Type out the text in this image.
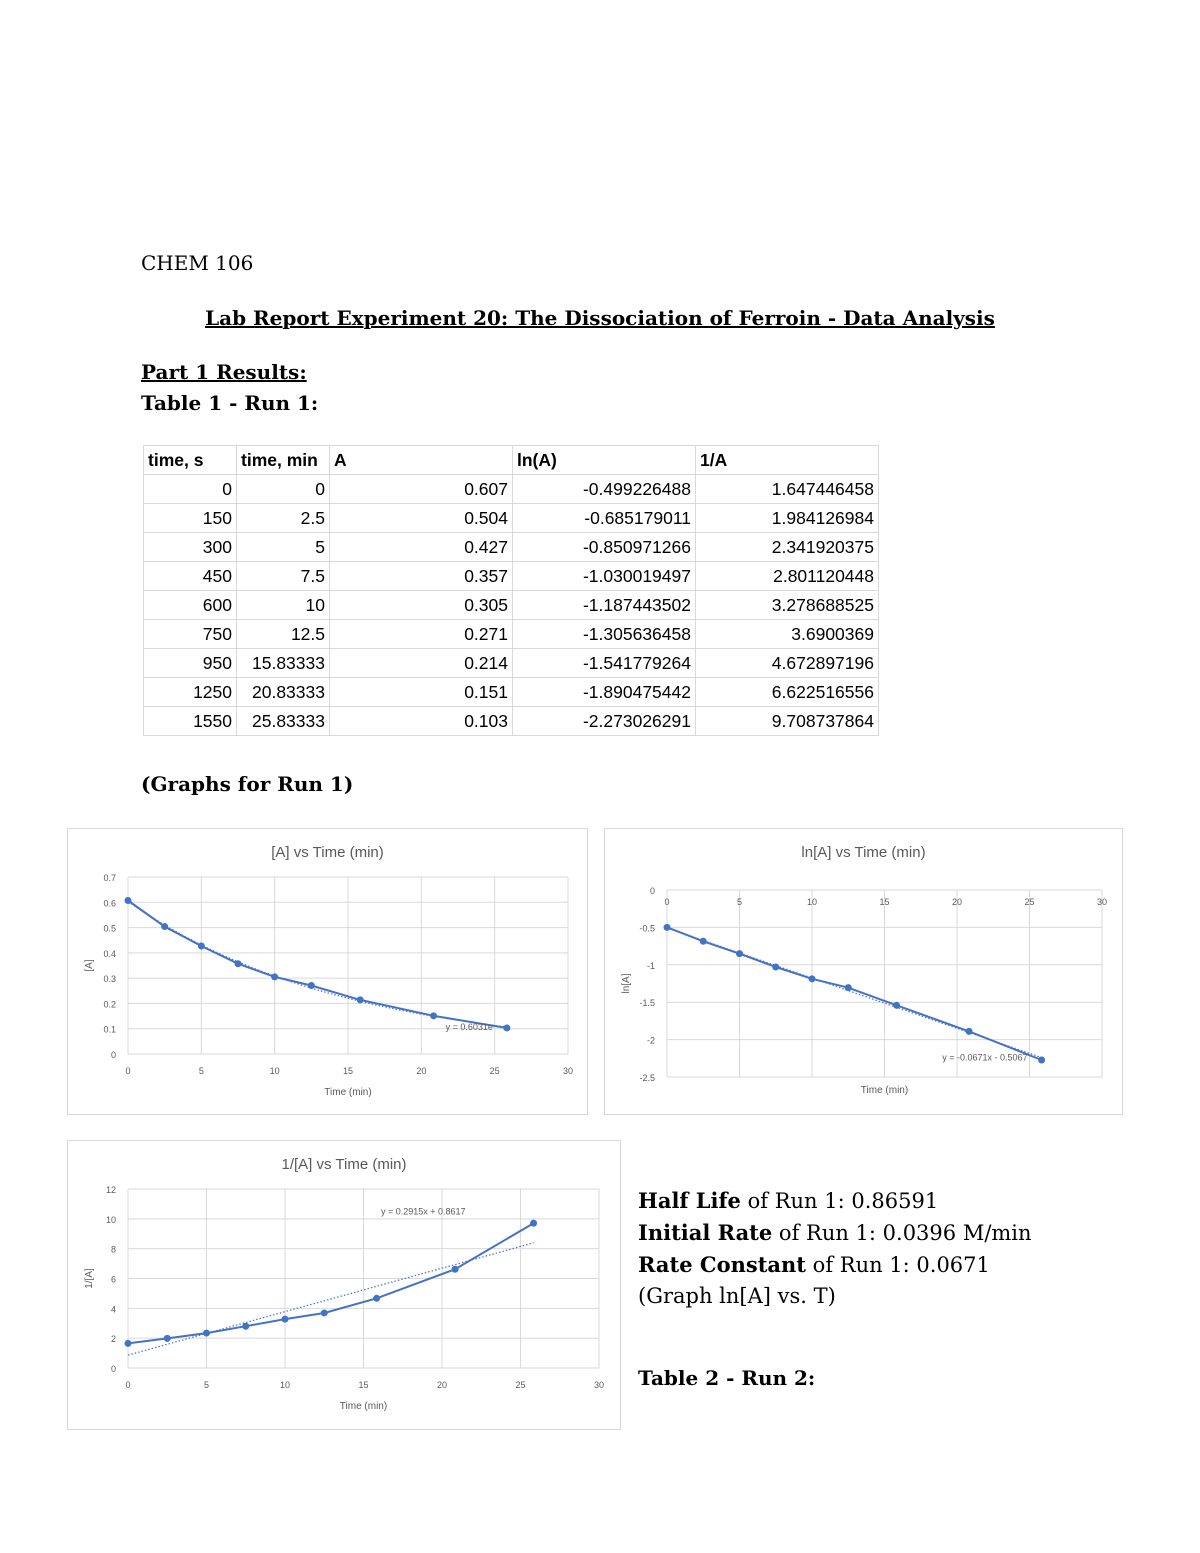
CHEM 106
Lab Report Experiment 20: The Dissociation of Ferroin - Data Analysis
Part 1 Results:
Table 1 - Run 1:
time, s	time, min	A	ln(A)	1/A
0	0	0.607	-0.499226488	1.647446458
150	2.5	0.504	-0.685179011	1.984126984
300	5	0.427	-0.850971266	2.341920375
450	7.5	0.357	-1.030019497	2.801120448
600	10	0.305	-1.187443502	3.278688525
750	12.5	0.271	-1.305636458	3.6900369
950	15.83333	0.214	-1.541779264	4.672897196
1250	20.83333	0.151	-1.890475442	6.622516556
1550	25.83333	0.103	-2.273026291	9.708737864
(Graphs for Run 1)
[A] vs Time (min)
0
0.1
0.2
0.3
0.4
0.5
0.6
0.7
0	5	10	15	20	25	30
Time (min)
[A]
y = 0.6031e
ln[A] vs Time (min)
0
-0.5
-1
-1.5
-2
-2.5
0	5	10	15	20	25	30
Time (min)
ln[A]
y = -0.0671x - 0.5067
1/[A] vs Time (min)
0
2
4
6
8
10
12
0	5	10	15	20	25	30
Time (min)
1/[A]
y = 0.2915x + 0.8617	Half Life of Run 1: 0.86591
Initial Rate of Run 1: 0.0396 M/min
Rate Constant of Run 1: 0.0671 (Graph ln[A] vs. T)
Table 2 - Run 2:
